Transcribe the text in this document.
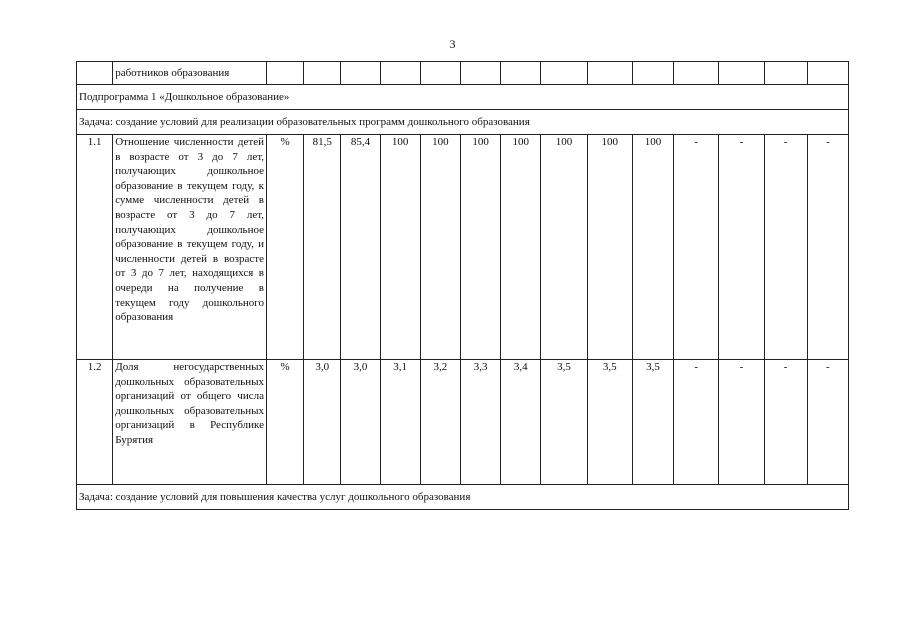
3
	работников образования														
Подпрограмма 1 «Дошкольное образование»															
Задача: создание условий для реализации образовательных программ дошкольного образования															
1.1	Отношение численности детей в возрасте от 3 до 7 лет, получающих дошкольное образование в текущем году, к сумме численности детей в возрасте от 3 до 7 лет, получающих дошкольное образование в текущем году, и численности детей в возрасте от 3 до 7 лет, находящихся в очереди на получение в текущем году дошкольного образования	%	81,5	85,4	100	100	100	100	100	100	100	-	-	-	-
1.2	Доля негосударственных дошкольных образовательных организаций от общего числа дошкольных образовательных организаций в Республике Бурятия	%	3,0	3,0	3,1	3,2	3,3	3,4	3,5	3,5	3,5	-	-	-	-
Задача: создание условий для повышения качества услуг дошкольного образования															
